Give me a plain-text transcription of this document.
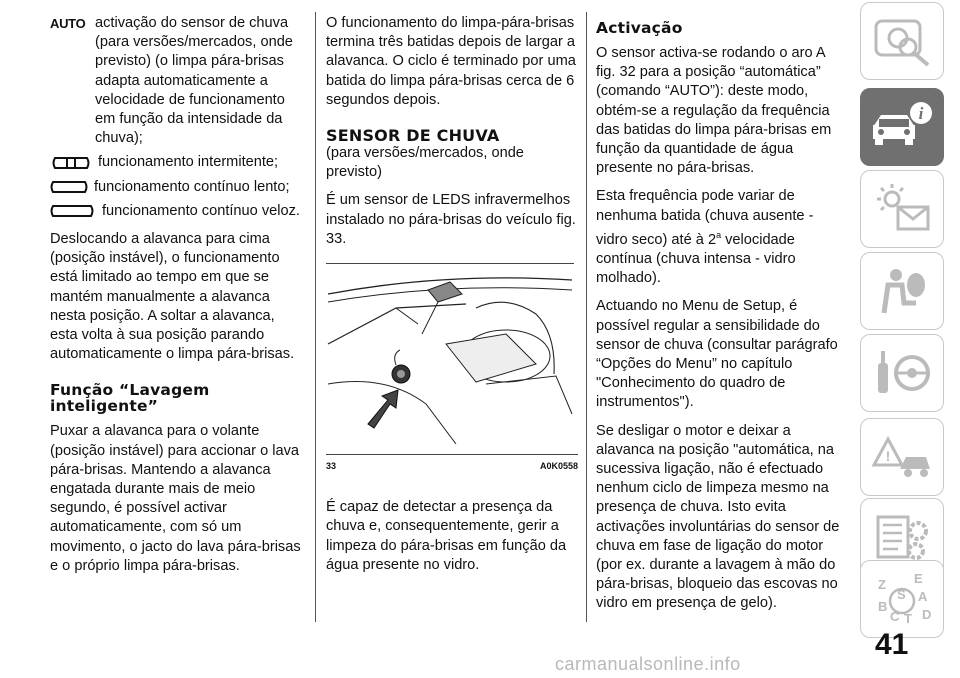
AUTO activação do sensor de chuva (para versões/mercados, onde previsto) (o limpa pára-brisas adapta automaticamente a velocidade de funcionamento em função da intensidade da chuva);
funcionamento intermitente;
funcionamento contínuo lento;
funcionamento contínuo veloz.

Deslocando a alavanca para cima (posição instável), o funcionamento está limitado ao tempo em que se mantém manualmente a alavanca nesta posição. A soltar a alavanca, esta volta à sua posição parando automaticamente o limpa pára-brisas.

Função “Lavagem inteligente”

Puxar a alavanca para o volante (posição instável) para accionar o lava pára-brisas. Mantendo a alavanca engatada durante mais de meio segundo, é possível activar automaticamente, com só um movimento, o jacto do lava pára-brisas e o próprio limpa pára-brisas.

O funcionamento do limpa-pára-brisas termina três batidas depois de largar a alavanca. O ciclo é terminado por uma batida do limpa pára-brisas cerca de 6 segundos depois.

SENSOR DE CHUVA

(para versões/mercados, onde previsto)

É um sensor de LEDS infravermelhos instalado no pára-brisas do veículo fig. 33.

33	A0K0558

É capaz de detectar a presença da chuva e, consequentemente, gerir a limpeza do pára-brisas em função da água presente no vidro.

Activação

O sensor activa-se rodando o aro A fig. 32 para a posição “automática” (comando “AUTO”): deste modo, obtém-se a regulação da frequência das batidas do limpa pára-brisas em função da quantidade de água presente no pára-brisas.

Esta frequência pode variar de nenhuma batida (chuva ausente - vidro seco) até à 2$^a$ velocidade contínua (chuva intensa - vidro molhado).

Actuando no Menu de Setup, é possível regular a sensibilidade do sensor de chuva (consultar parágrafo “Opções do Menu” no capítulo "Conhecimento do quadro de instrumentos").

Se desligar o motor e deixar a alavanca na posição "automática, na sucessiva ligação, não é efectuado nenhum ciclo de limpeza mesmo na presença de chuva. Isto evita activações involuntárias do sensor de chuva em fase de ligação do motor (por ex. durante a lavagem à mão do pára-brisas, bloqueio das escovas no vidro em presença de gelo).

i
!
Z E
S A
B
C T D
41
carmanualsonline.info
